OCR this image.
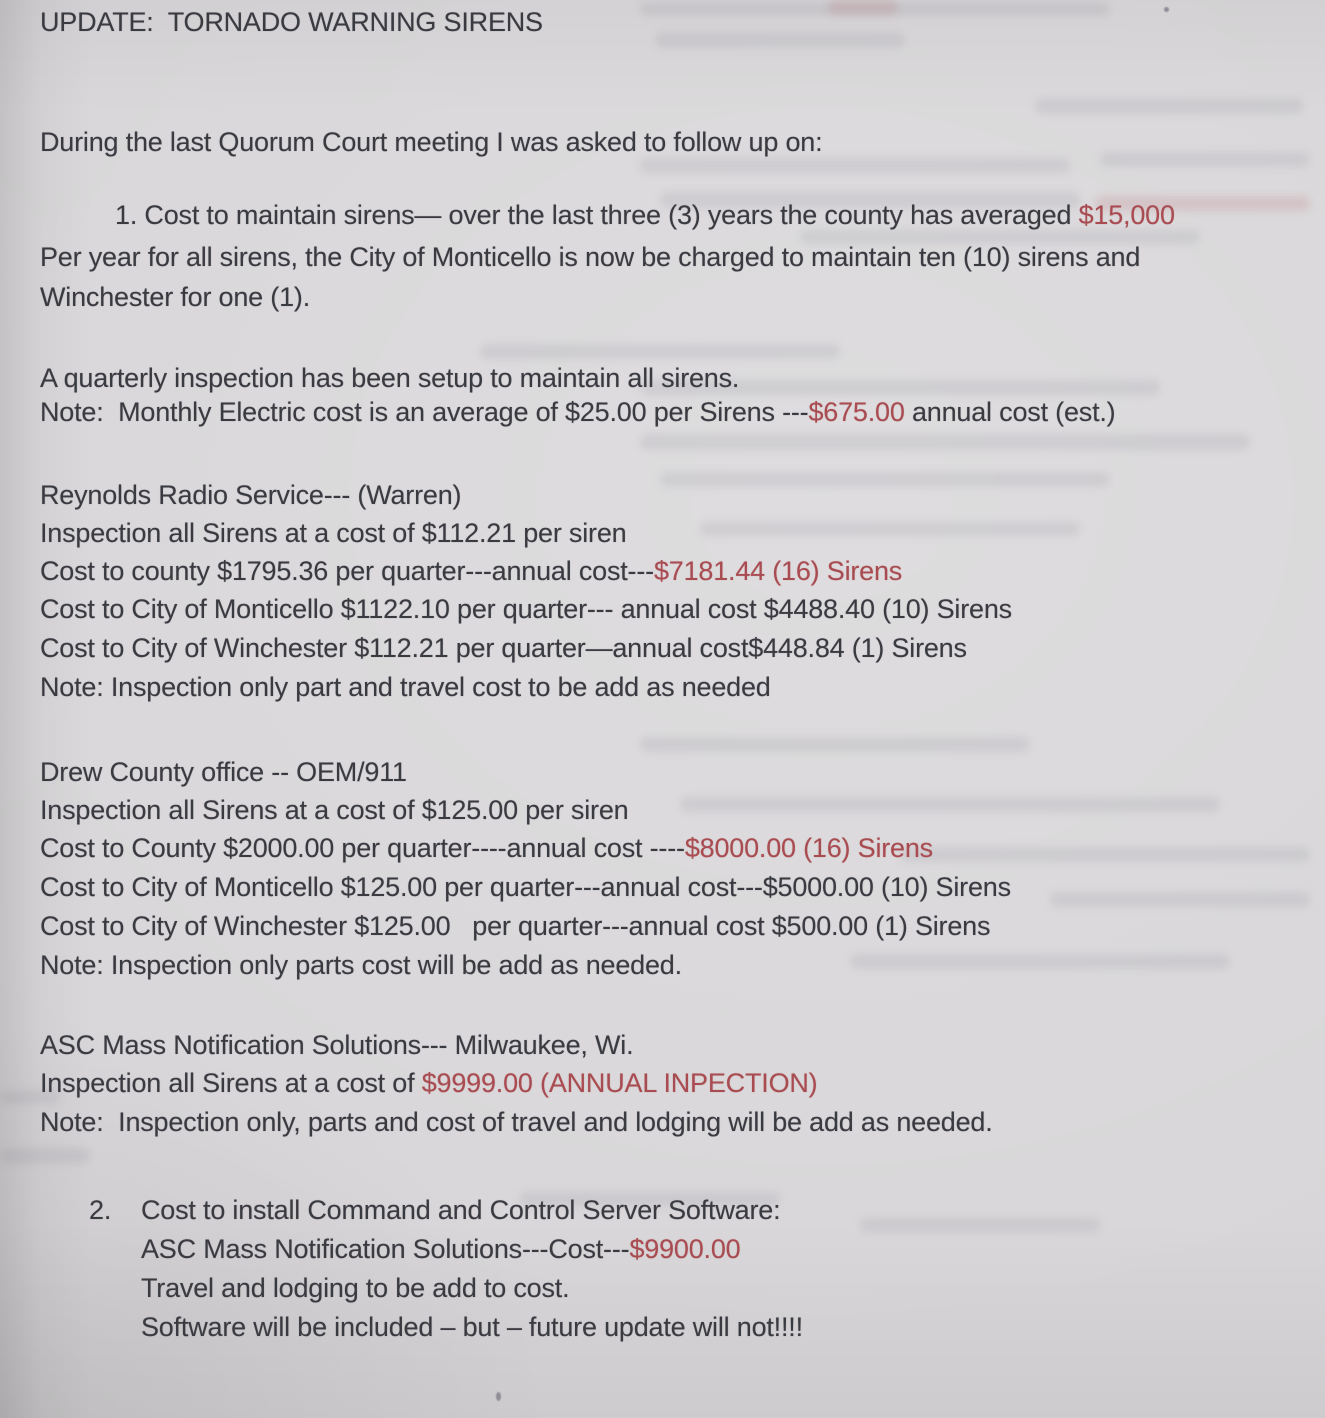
UPDATE:  TORNADO WARNING SIRENS
During the last Quorum Court meeting I was asked to follow up on:
1. Cost to maintain sirens— over the last three (3) years the county has averaged $15,000
Per year for all sirens, the City of Monticello is now be charged to maintain ten (10) sirens and
Winchester for one (1).
A quarterly inspection has been setup to maintain all sirens.
Note:  Monthly Electric cost is an average of $25.00 per Sirens ---$675.00 annual cost (est.)
Reynolds Radio Service--- (Warren)
Inspection all Sirens at a cost of $112.21 per siren
Cost to county $1795.36 per quarter---annual cost---$7181.44 (16) Sirens
Cost to City of Monticello $1122.10 per quarter--- annual cost $4488.40 (10) Sirens
Cost to City of Winchester $112.21 per quarter—annual cost$448.84 (1) Sirens
Note: Inspection only part and travel cost to be add as needed
Drew County office -- OEM/911
Inspection all Sirens at a cost of $125.00 per siren
Cost to County $2000.00 per quarter----annual cost ----$8000.00 (16) Sirens
Cost to City of Monticello $125.00 per quarter---annual cost---$5000.00 (10) Sirens
Cost to City of Winchester $125.00   per quarter---annual cost $500.00 (1) Sirens
Note: Inspection only parts cost will be add as needed.
ASC Mass Notification Solutions--- Milwaukee, Wi.
Inspection all Sirens at a cost of $9999.00 (ANNUAL INPECTION)
Note:  Inspection only, parts and cost of travel and lodging will be add as needed.
2. Cost to install Command and Control Server Software:
ASC Mass Notification Solutions---Cost---$9900.00
Travel and lodging to be add to cost.
Software will be included – but – future update will not!!!!
